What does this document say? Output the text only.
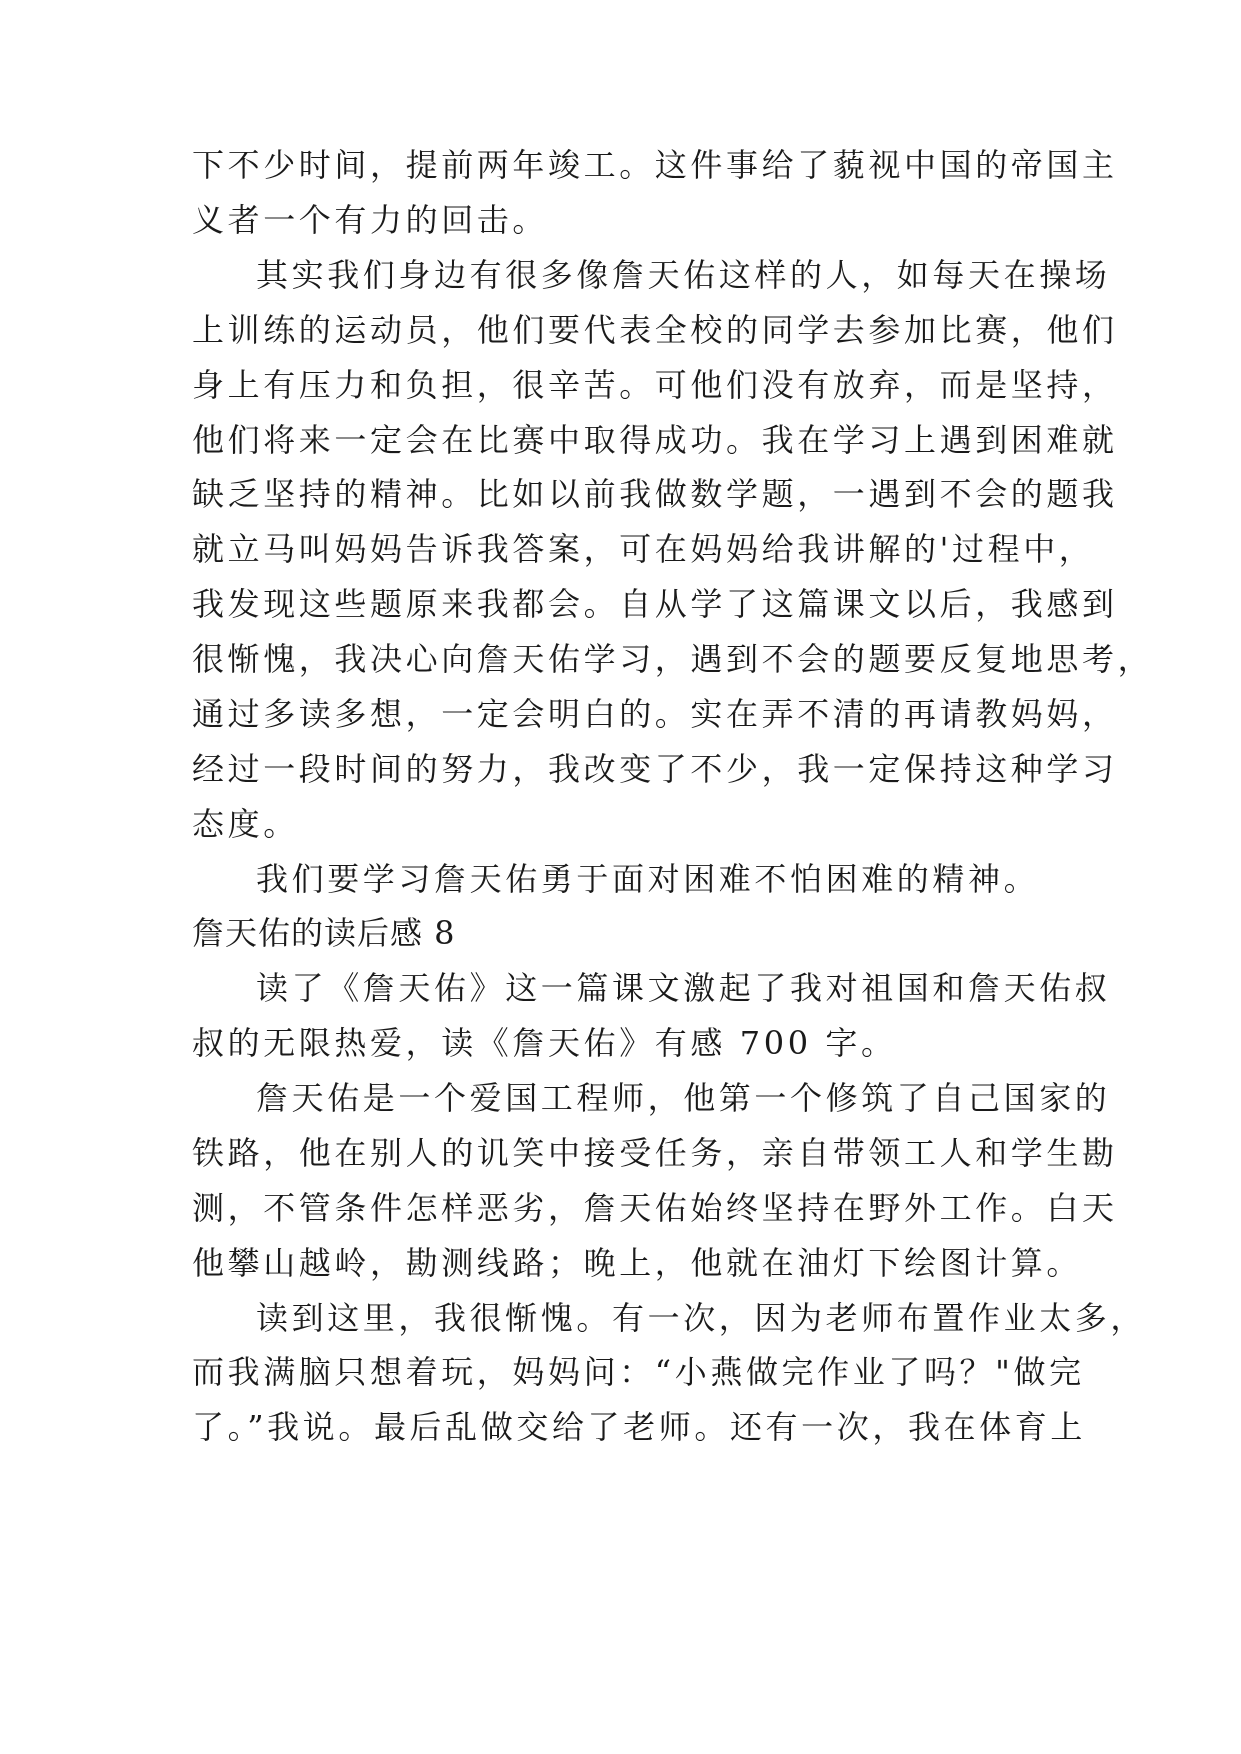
下不少时间，提前两年竣工。这件事给了藐视中国的帝国主
义者一个有力的回击。
其实我们身边有很多像詹天佑这样的人，如每天在操场
上训练的运动员，他们要代表全校的同学去参加比赛，他们
身上有压力和负担，很辛苦。可他们没有放弃，而是坚持，
他们将来一定会在比赛中取得成功。我在学习上遇到困难就
缺乏坚持的精神。比如以前我做数学题，一遇到不会的题我
就立马叫妈妈告诉我答案，可在妈妈给我讲解的'过程中，
我发现这些题原来我都会。自从学了这篇课文以后，我感到
很惭愧，我决心向詹天佑学习，遇到不会的题要反复地思考，
通过多读多想，一定会明白的。实在弄不清的再请教妈妈，
经过一段时间的努力，我改变了不少，我一定保持这种学习
态度。
我们要学习詹天佑勇于面对困难不怕困难的精神。
詹天佑的读后感 8
读了《詹天佑》这一篇课文激起了我对祖国和詹天佑叔
叔的无限热爱，读《詹天佑》有感 700 字。
詹天佑是一个爱国工程师，他第一个修筑了自己国家的
铁路，他在别人的讥笑中接受任务，亲自带领工人和学生勘
测，不管条件怎样恶劣，詹天佑始终坚持在野外工作。白天
他攀山越岭，勘测线路；晚上，他就在油灯下绘图计算。
读到这里，我很惭愧。有一次，因为老师布置作业太多，
而我满脑只想着玩，妈妈问：“小燕做完作业了吗？"做完
了。”我说。最后乱做交给了老师。还有一次，我在体育上
